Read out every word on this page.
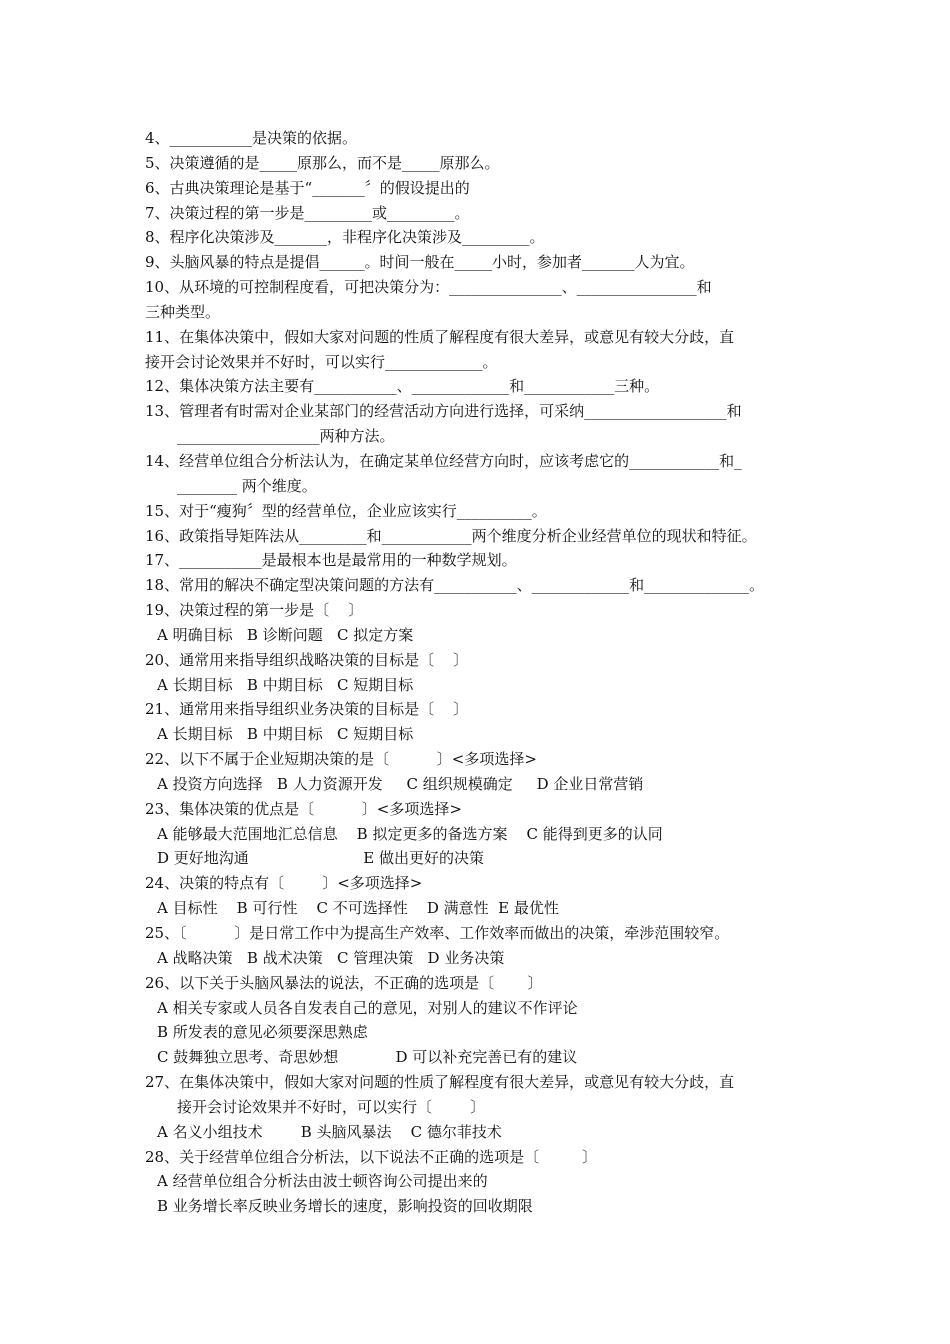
4、___________是决策的依据。
5、决策遵循的是_____原那么，而不是_____原那么。
6、古典决策理论是基于“_______〞的假设提出的
7、决策过程的第一步是_________或_________。
8、程序化决策涉及_______，非程序化决策涉及_________。
9、头脑风暴的特点是提倡______。时间一般在_____小时，参加者_______人为宜。
10、从环境的可控制程度看，可把决策分为：_______________、________________和
三种类型。
11、在集体决策中，假如大家对问题的性质了解程度有很大差异，或意见有较大分歧，直
接开会讨论效果并不好时，可以实行_____________。
12、集体决策方法主要有___________、_____________和____________三种。
13、管理者有时需对企业某部门的经营活动方向进行选择，可采纳___________________和
___________________两种方法。
14、经营单位组合分析法认为，在确定某单位经营方向时，应该考虑它的____________和_
________ 两个维度。
15、对于“瘦狗〞型的经营单位，企业应该实行__________。
16、政策指导矩阵法从_________和____________两个维度分析企业经营单位的现状和特征。
17、___________是最根本也是最常用的一种数学规划。
18、常用的解决不确定型决策问题的方法有___________、_____________和______________。
19、决策过程的第一步是〔    〕
A 明确目标   B 诊断问题   C 拟定方案
20、通常用来指导组织战略决策的目标是〔    〕
A 长期目标   B 中期目标   C 短期目标
21、通常用来指导组织业务决策的目标是〔    〕
A 长期目标   B 中期目标   C 短期目标
22、以下不属于企业短期决策的是〔          〕<多项选择>
A 投资方向选择   B 人力资源开发     C 组织规模确定     D 企业日常营销
23、集体决策的优点是〔          〕<多项选择>
A 能够最大范围地汇总信息    B 拟定更多的备选方案    C 能得到更多的认同
D 更好地沟通                        E 做出更好的决策
24、决策的特点有〔        〕<多项选择>
A 目标性    B 可行性    C 不可选择性    D 满意性  E 最优性
25、〔          〕是日常工作中为提高生产效率、工作效率而做出的决策，牵涉范围较窄。
A 战略决策   B 战术决策   C 管理决策   D 业务决策
26、以下关于头脑风暴法的说法，不正确的选项是〔       〕
A 相关专家或人员各自发表自己的意见，对别人的建议不作评论
B 所发表的意见必须要深思熟虑
C 鼓舞独立思考、奇思妙想            D 可以补充完善已有的建议
27、在集体决策中，假如大家对问题的性质了解程度有很大差异，或意见有较大分歧，直
接开会讨论效果并不好时，可以实行〔        〕
A 名义小组技术        B 头脑风暴法    C 德尔菲技术
28、关于经营单位组合分析法，以下说法不正确的选项是〔         〕
A 经营单位组合分析法由波士顿咨询公司提出来的
B 业务增长率反映业务增长的速度，影响投资的回收期限
